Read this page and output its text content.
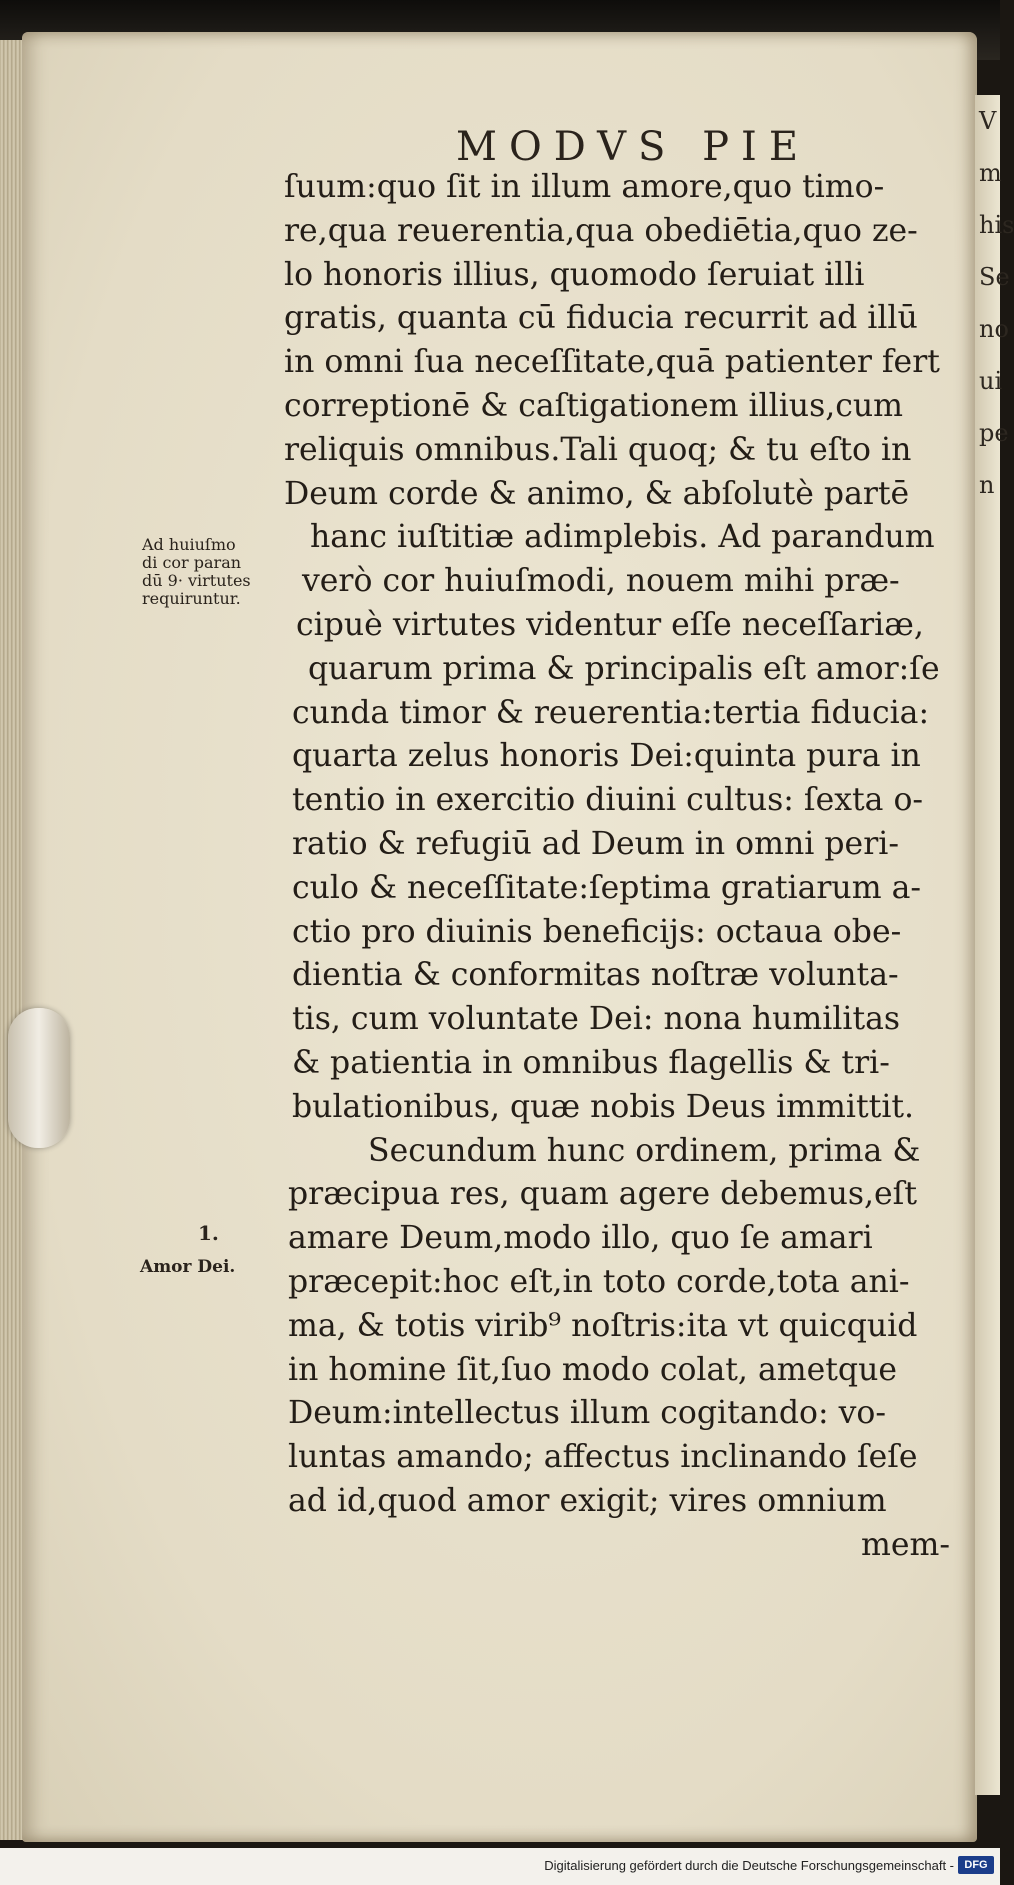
V
m
his
Se
no
ui
pe
n
MODVS PIE
ſuum:quo ſit in illum amore,quo timo-
re,qua reuerentia,qua obediētia,quo ze-
lo honoris illius, quomodo ſeruiat illi
gratis, quanta cū fiducia recurrit ad illū
in omni ſua neceſſitate,quā patienter fert
correptionē & caſtigationem illius,cum
reliquis omnibus.Tali quoq; & tu eſto in
Deum corde & animo, & abſolutè partē
hanc iuſtitiæ adimplebis. Ad parandum
verò cor huiuſmodi, nouem mihi præ-
cipuè virtutes videntur eſſe neceſſariæ,
quarum prima & principalis eſt amor:ſe
cunda timor & reuerentia:tertia fiducia:
quarta zelus honoris Dei:quinta pura in
tentio in exercitio diuini cultus: ſexta o-
ratio & refugiū ad Deum in omni peri-
culo & neceſſitate:ſeptima gratiarum a-
ctio pro diuinis beneficijs: octaua obe-
dientia & conformitas noſtræ volunta-
tis, cum voluntate Dei: nona humilitas
& patientia in omnibus flagellis & tri-
bulationibus, quæ nobis Deus immittit.
Secundum hunc ordinem, prima &
præcipua res, quam agere debemus,eſt
amare Deum,modo illo, quo ſe amari
præcepit:hoc eſt,in toto corde,tota ani-
ma, & totis virib⁹ noſtris:ita vt quicquid
in homine ſit,ſuo modo colat, ametque
Deum:intellectus illum cogitando: vo-
luntas amando; affectus inclinando ſeſe
ad id,quod amor exigit; vires omnium
mem-
Ad huiuſmo
di cor paran
dū 9· virtutes
requiruntur.
1.
Amor Dei.
Digitalisierung gefördert durch die Deutsche Forschungsgemeinschaft - DFG
